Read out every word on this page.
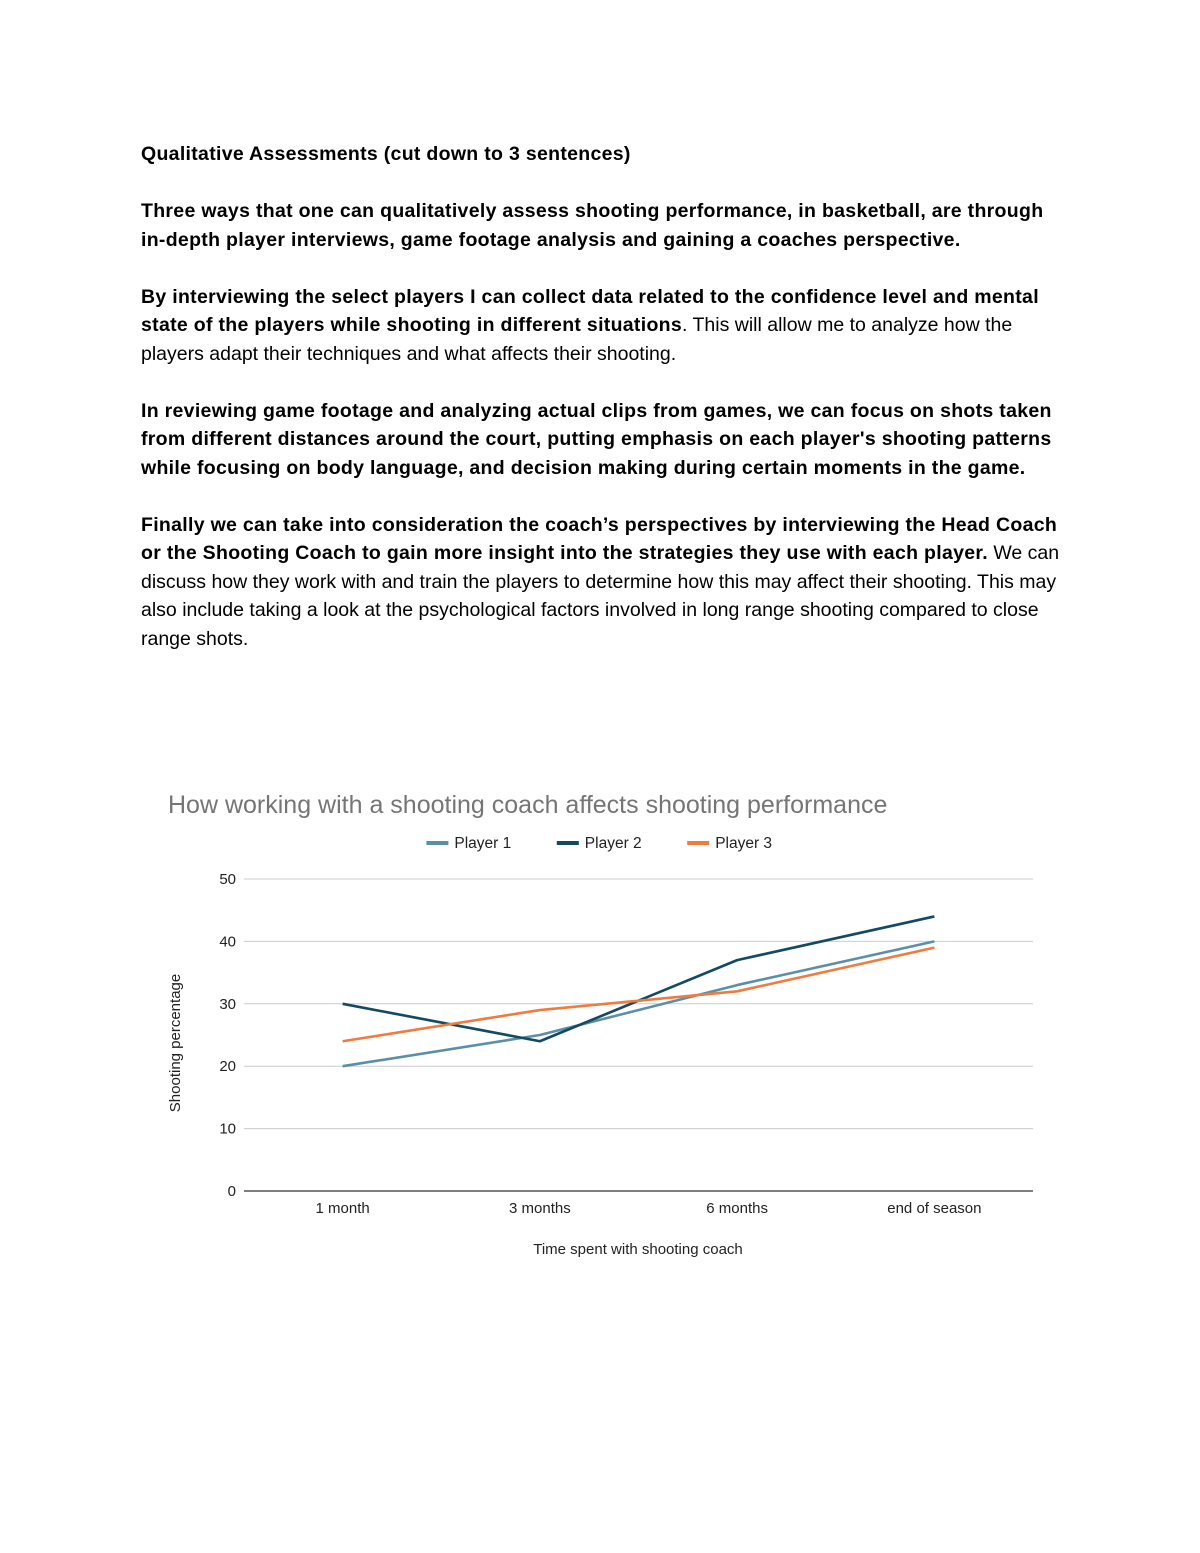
Qualitative Assessments (cut down to 3 sentences)

Three ways that one can qualitatively assess shooting performance, in basketball, are through in-depth player interviews, game footage analysis and gaining a coaches perspective.

By interviewing the select players I can collect data related to the confidence level and mental state of the players while shooting in different situations. This will allow me to analyze how the players adapt their techniques and what affects their shooting.

In reviewing game footage and analyzing actual clips from games, we can focus on shots taken from different distances around the court, putting emphasis on each player's shooting patterns while focusing on body language, and decision making during certain moments in the game.

Finally we can take into consideration the coach’s perspectives by interviewing the Head Coach or the Shooting Coach to gain more insight into the strategies they use with each player. We can discuss how they work with and train the players to determine how this may affect their shooting. This may also include taking a look at the psychological factors involved in long range shooting compared to close range shots.

How working with a shooting coach affects shooting performance
Player 1	Player 2	Player 3
0
10
20
30
40
50
1 month	3 months	6 months	end of season
Time spent with shooting coach
Shooting percentage
